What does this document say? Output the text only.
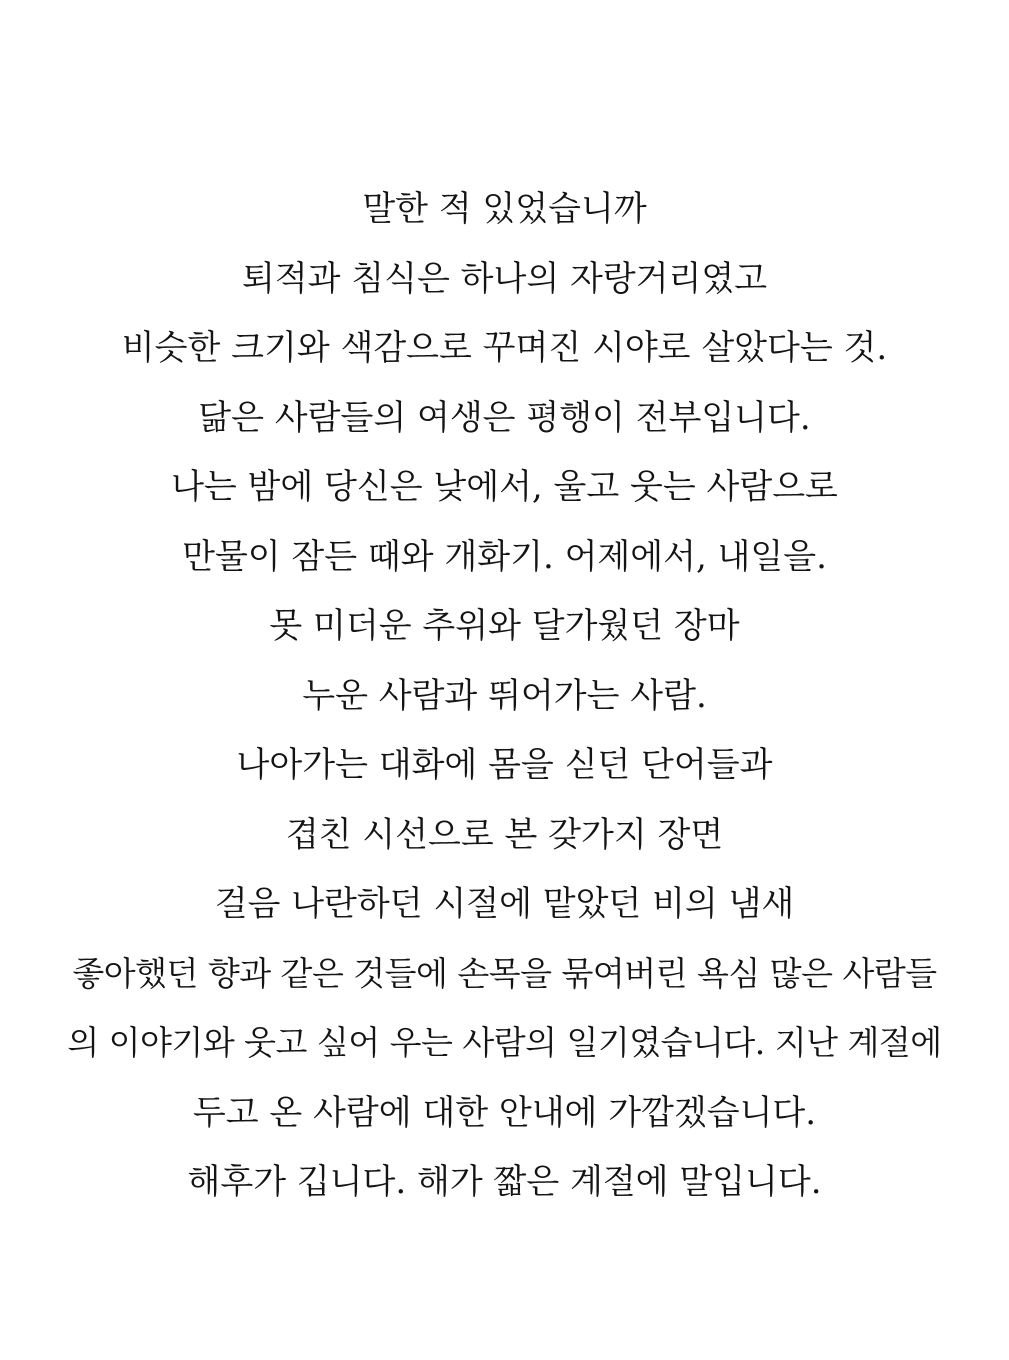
말한 적 있었습니까
퇴적과 침식은 하나의 자랑거리였고
비슷한 크기와 색감으로 꾸며진 시야로 살았다는 것.
닮은 사람들의 여생은 평행이 전부입니다.
나는 밤에 당신은 낮에서, 울고 웃는 사람으로
만물이 잠든 때와 개화기. 어제에서, 내일을.
못 미더운 추위와 달가웠던 장마
누운 사람과 뛰어가는 사람.
나아가는 대화에 몸을 싣던 단어들과
겹친 시선으로 본 갖가지 장면
걸음 나란하던 시절에 맡았던 비의 냄새
좋아했던 향과 같은 것들에 손목을 묶여버린 욕심 많은 사람들
의 이야기와 웃고 싶어 우는 사람의 일기였습니다. 지난 계절에
두고 온 사람에 대한 안내에 가깝겠습니다.
해후가 깁니다. 해가 짧은 계절에 말입니다.
